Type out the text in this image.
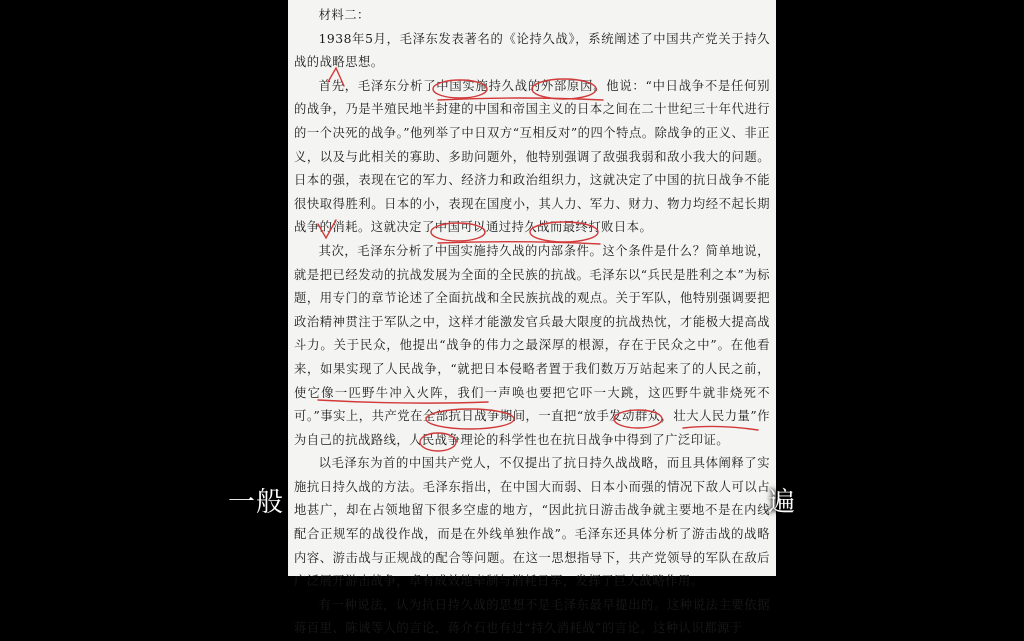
材料二：

1938年5月，毛泽东发表著名的《论持久战》，系统阐述了中国共产党关于持久战的战略思想。

首先，毛泽东分析了中国实施持久战的外部原因。他说：“中日战争不是任何别的战争，乃是半殖民地半封建的中国和帝国主义的日本之间在二十世纪三十年代进行的一个决死的战争。”他列举了中日双方“互相反对”的四个特点。除战争的正义、非正义，以及与此相关的寡助、多助问题外，他特别强调了敌强我弱和敌小我大的问题。日本的强，表现在它的军力、经济力和政治组织力，这就决定了中国的抗日战争不能很快取得胜利。日本的小，表现在国度小，其人力、军力、财力、物力均经不起长期战争的消耗。这就决定了中国可以通过持久战而最终打败日本。

其次，毛泽东分析了中国实施持久战的内部条件。这个条件是什么？简单地说，就是把已经发动的抗战发展为全面的全民族的抗战。毛泽东以“兵民是胜利之本”为标题，用专门的章节论述了全面抗战和全民族抗战的观点。关于军队，他特别强调要把政治精神贯注于军队之中，这样才能激发官兵最大限度的抗战热忱，才能极大提高战斗力。关于民众，他提出“战争的伟力之最深厚的根源，存在于民众之中”。在他看来，如果实现了人民战争，“就把日本侵略者置于我们数万万站起来了的人民之前，使它像一匹野牛冲入火阵，我们一声唤也要把它吓一大跳，这匹野牛就非烧死不可。”事实上，共产党在全部抗日战争期间，一直把“放手发动群众，壮大人民力量”作为自己的抗战路线，人民战争理论的科学性也在抗日战争中得到了广泛印证。

以毛泽东为首的中国共产党人，不仅提出了抗日持久战战略，而且具体阐释了实施抗日持久战的方法。毛泽东指出，在中国大而弱、日本小而强的情况下敌人可以占地甚广，却在占领地留下很多空虚的地方，“因此抗日游击战争就主要地不是在内线配合正规军的战役作战，而是在外线单独作战”。毛泽东还具体分析了游击战的战略内容、游击战与正规战的配合等问题。在这一思想指导下，共产党领导的军队在敌后广泛展开游击战争，卓有成效地牵制与消耗日军，发挥了巨大战略作用。

有一种说法，认为抗日持久战的思想不是毛泽东最早提出的。这种说法主要依据蒋百里、陈诚等人的言论，蒋介石也有过“持久消耗战”的言论。这种认识都源于

一般	遍
